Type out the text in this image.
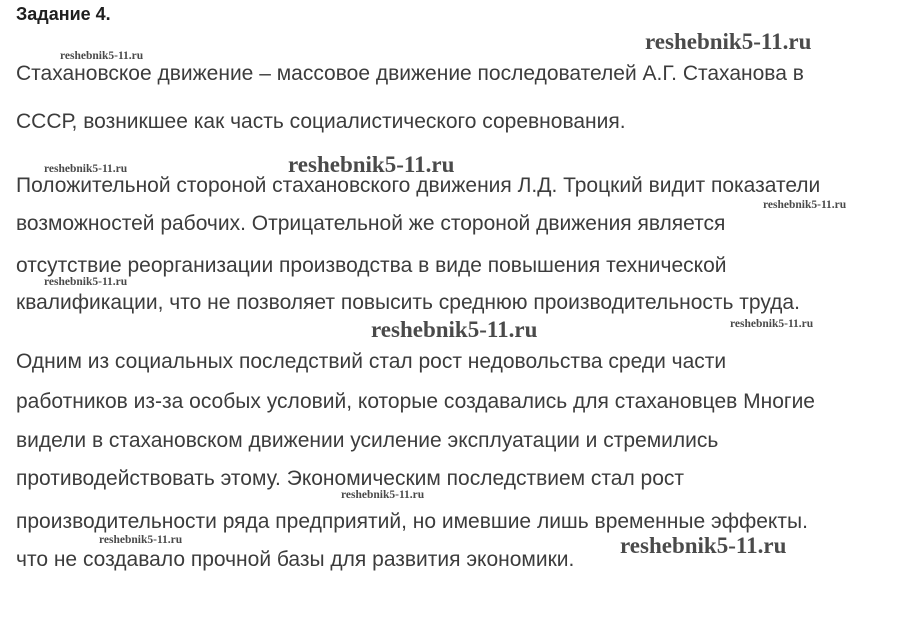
Задание 4.

Стахановское движение – массовое движение последователей А.Г. Стаханова в

СССР, возникшее как часть социалистического соревнования.

Положительной стороной стахановского движения Л.Д. Троцкий видит показатели

возможностей рабочих. Отрицательной же стороной движения является

отсутствие реорганизации производства в виде повышения технической

квалификации, что не позволяет повысить среднюю производительность труда.

Одним из социальных последствий стал рост недовольства среди части

работников из-за особых условий, которые создавались для стахановцев Многие

видели в стахановском движении усиление эксплуатации и стремились

противодействовать этому. Экономическим последствием стал рост

производительности ряда предприятий, но имевшие лишь временные эффекты.

что не создавало прочной базы для развития экономики.

reshebnik5-11.ru
reshebnik5-11.ru
reshebnik5-11.ru
reshebnik5-11.ru
reshebnik5-11.ru
reshebnik5-11.ru
reshebnik5-11.ru	reshebnik5-11.ru
reshebnik5-11.ru
reshebnik5-11.ru	reshebnik5-11.ru
